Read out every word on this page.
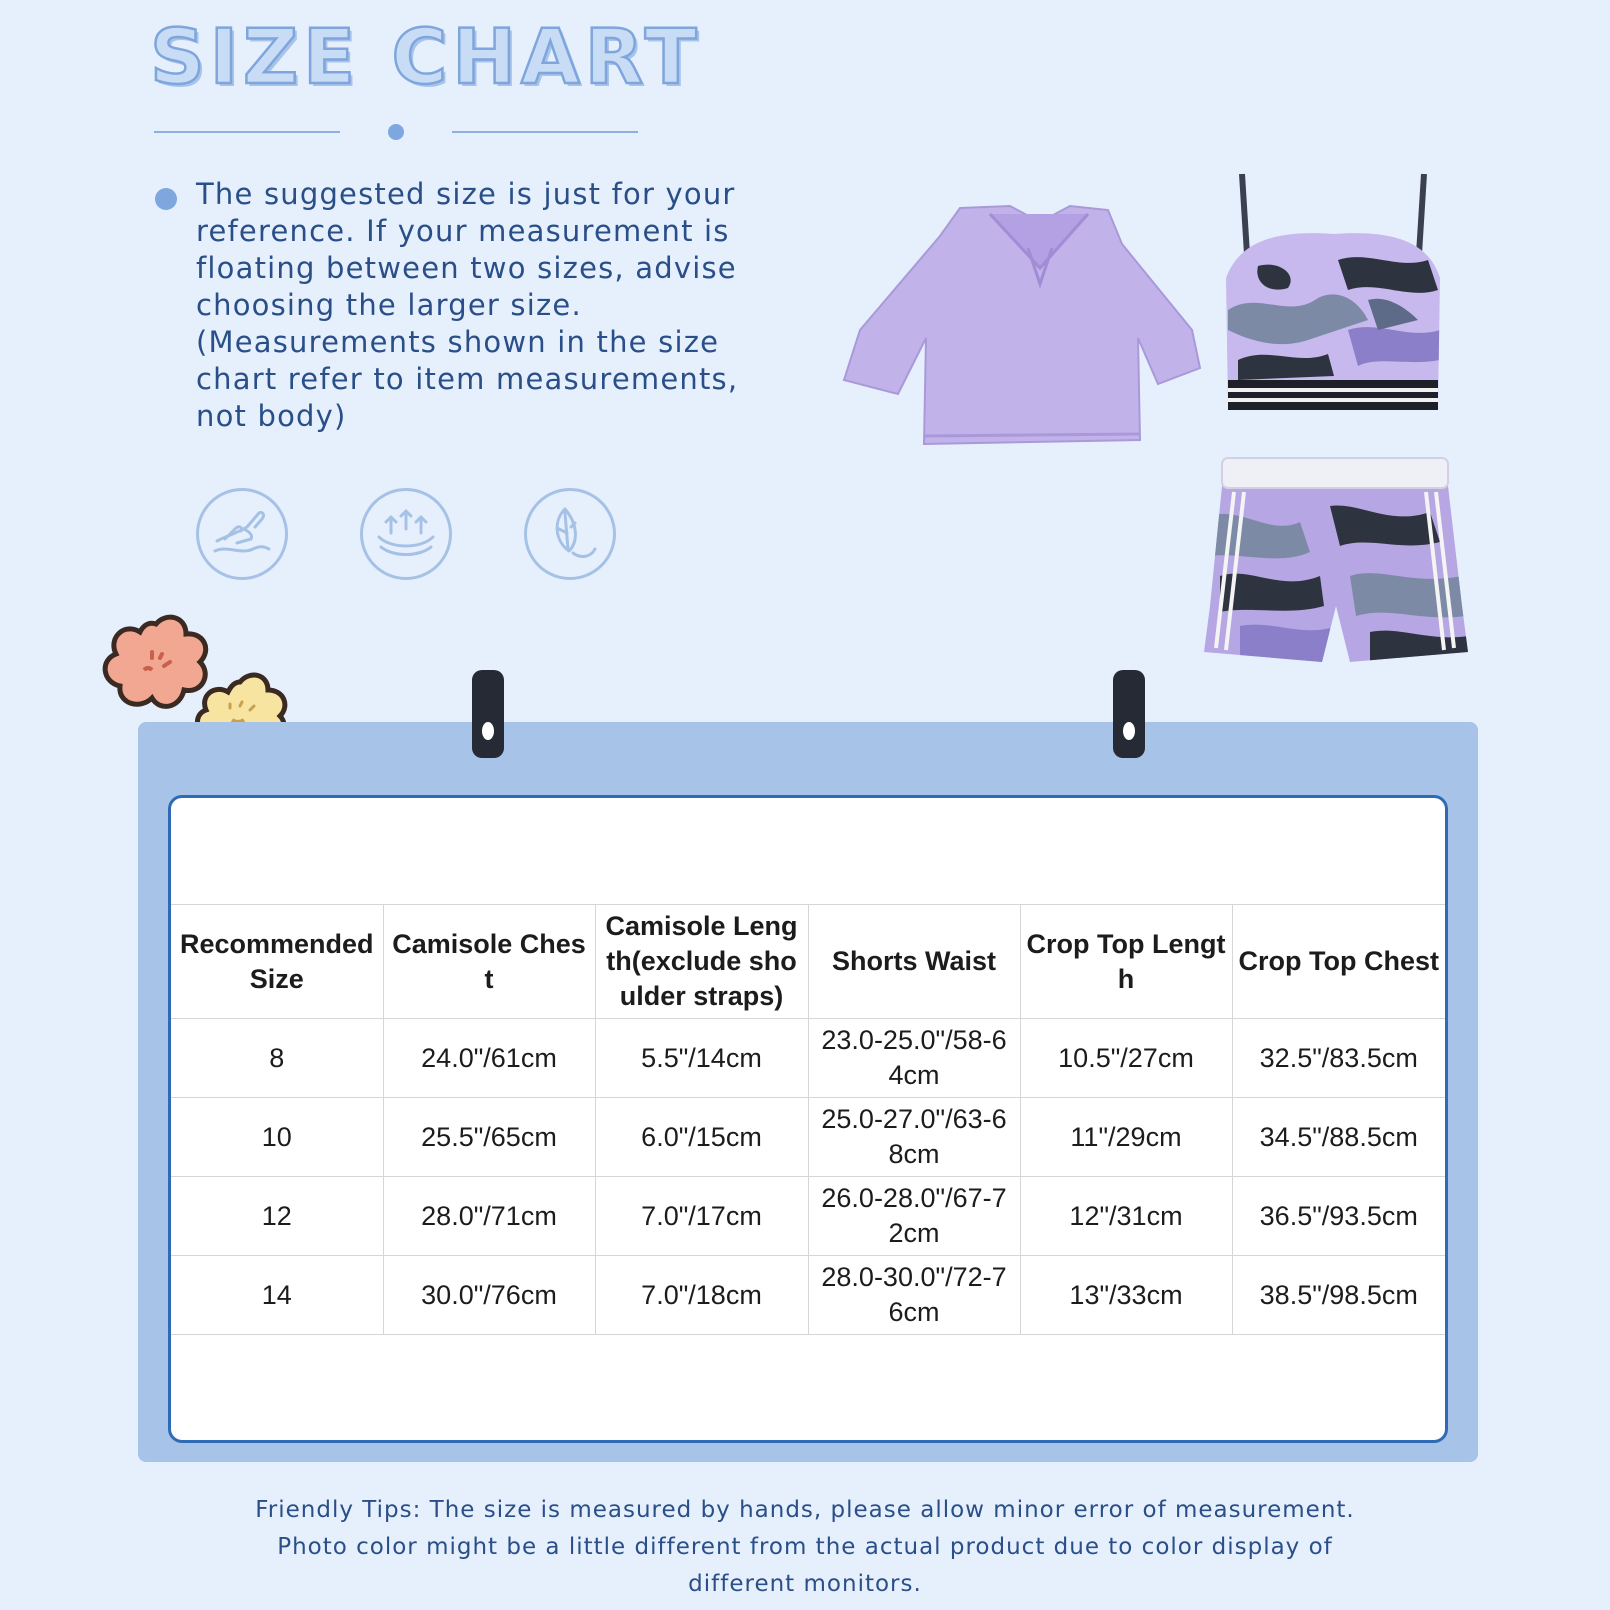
SIZE CHART

The suggested size is just for your
reference. If your measurement is
floating between two sizes, advise
choosing the larger size.
(Measurements shown in the size
chart refer to item measurements,
not body)

Recommended Size	Camisole Chest	Camisole Length(exclude shoulder straps)	Shorts Waist	Crop Top Length	Crop Top Chest
8	24.0"/61cm	5.5"/14cm	23.0-25.0"/58-64cm	10.5"/27cm	32.5"/83.5cm
10	25.5"/65cm	6.0"/15cm	25.0-27.0"/63-68cm	11"/29cm	34.5"/88.5cm
12	28.0"/71cm	7.0"/17cm	26.0-28.0"/67-72cm	12"/31cm	36.5"/93.5cm
14	30.0"/76cm	7.0"/18cm	28.0-30.0"/72-76cm	13"/33cm	38.5"/98.5cm

Friendly Tips: The size is measured by hands, please allow minor error of measurement.
Photo color might be a little different from the actual product due to color display of
different monitors.
